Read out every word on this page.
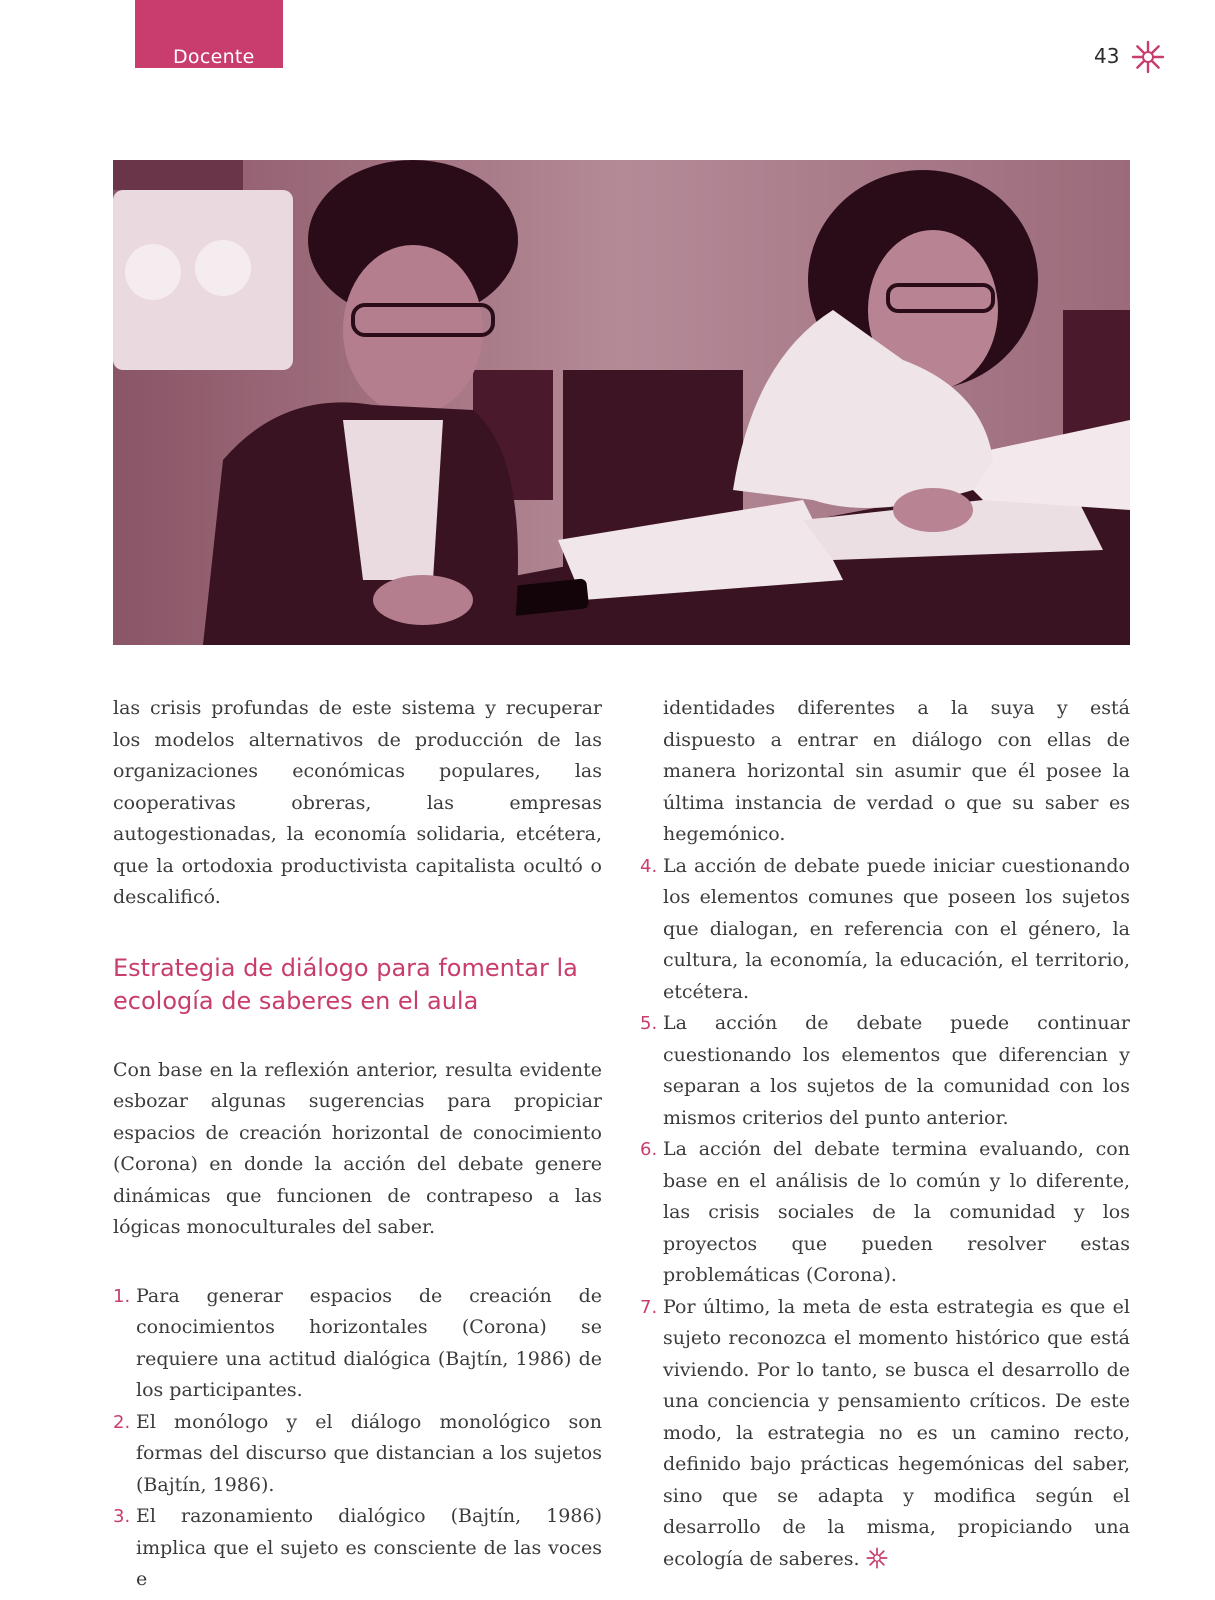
Docente	43

las crisis profundas de este sistema y recuperar los modelos alternativos de producción de las organizaciones económicas populares, las cooperativas obreras, las empresas autogestionadas, la economía solidaria, etcétera, que la ortodoxia productivista capitalista ocultó o descalificó.

Estrategia de diálogo para fomentar la ecología de saberes en el aula

Con base en la reflexión anterior, resulta evidente esbozar algunas sugerencias para propiciar espacios de creación horizontal de conocimiento (Corona) en donde la acción del debate genere dinámicas que funcionen de contrapeso a las lógicas monoculturales del saber.

1. Para generar espacios de creación de conocimientos horizontales (Corona) se requiere una actitud dialógica (Bajtín, 1986) de los participantes.
2. El monólogo y el diálogo monológico son formas del discurso que distancian a los sujetos (Bajtín, 1986).
3. El razonamiento dialógico (Bajtín, 1986) implica que el sujeto es consciente de las voces e
identidades diferentes a la suya y está dispuesto a entrar en diálogo con ellas de manera horizontal sin asumir que él posee la última instancia de verdad o que su saber es hegemónico.
4. La acción de debate puede iniciar cuestionando los elementos comunes que poseen los sujetos que dialogan, en referencia con el género, la cultura, la economía, la educación, el territorio, etcétera.
5. La acción de debate puede continuar cuestionando los elementos que diferencian y separan a los sujetos de la comunidad con los mismos criterios del punto anterior.
6. La acción del debate termina evaluando, con base en el análisis de lo común y lo diferente, las crisis sociales de la comunidad y los proyectos que pueden resolver estas problemáticas (Corona).
7. Por último, la meta de esta estrategia es que el sujeto reconozca el momento histórico que está viviendo. Por lo tanto, se busca el desarrollo de una conciencia y pensamiento críticos. De este modo, la estrategia no es un camino recto, definido bajo prácticas hegemónicas del saber, sino que se adapta y modifica según el desarrollo de la misma, propiciando una ecología de saberes.
